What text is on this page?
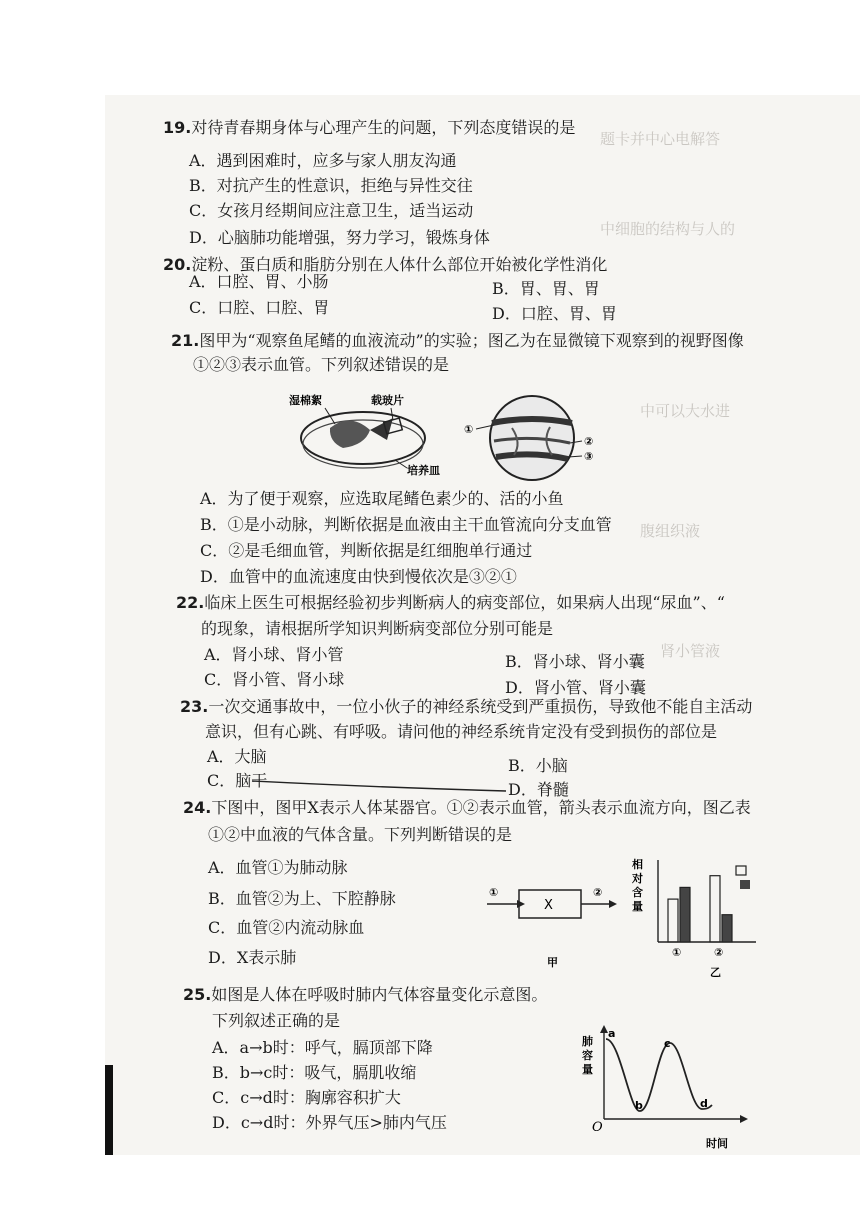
题卡并中心电解答
中细胞的结构与人的
中可以大水进
腹组织液
肾小管液
19.对待青春期身体与心理产生的问题，下列态度错误的是
A．遇到困难时，应多与家人朋友沟通
B．对抗产生的性意识，拒绝与异性交往
C．女孩月经期间应注意卫生，适当运动
D．心脑肺功能增强，努力学习，锻炼身体
20.淀粉、蛋白质和脂肪分别在人体什么部位开始被化学性消化
A．口腔、胃、小肠	B．胃、胃、胃
C．口腔、口腔、胃	D．口腔、胃、胃
21.图甲为“观察鱼尾鳍的血液流动”的实验；图乙为在显微镜下观察到的视野图像
①②③表示血管。下列叙述错误的是
湿棉絮	载玻片
培养皿
①
②
③
A．为了便于观察，应选取尾鳍色素少的、活的小鱼
B．①是小动脉，判断依据是血液由主干血管流向分支血管
C．②是毛细血管，判断依据是红细胞单行通过
D．血管中的血流速度由快到慢依次是③②①
22.临床上医生可根据经验初步判断病人的病变部位，如果病人出现“尿血”、“
的现象，请根据所学知识判断病变部位分别可能是
A．肾小球、肾小管	B．肾小球、肾小囊
C．肾小管、肾小球	D．肾小管、肾小囊
23.一次交通事故中，一位小伙子的神经系统受到严重损伤，导致他不能自主活动
意识，但有心跳、有呼吸。请问他的神经系统肯定没有受到损伤的部位是
A．大脑	B．小脑
C．脑干	D．脊髓
24.下图中，图甲X表示人体某器官。①②表示血管，箭头表示血流方向，图乙表
①②中血液的气体含量。下列判断错误的是
A．血管①为肺动脉
B．血管②为上、下腔静脉
C．血管②内流动脉血
D．X表示肺
①
X
②
甲
相
对
含
量
①	②
乙
25.如图是人体在呼吸时肺内气体容量变化示意图。
下列叙述正确的是
A．a→b时：呼气，膈顶部下降
B．b→c时：吸气，膈肌收缩
C．c→d时：胸廓容积扩大
D．c→d时：外界气压>肺内气压
肺
容
量
a
b
c
d
O
时间
